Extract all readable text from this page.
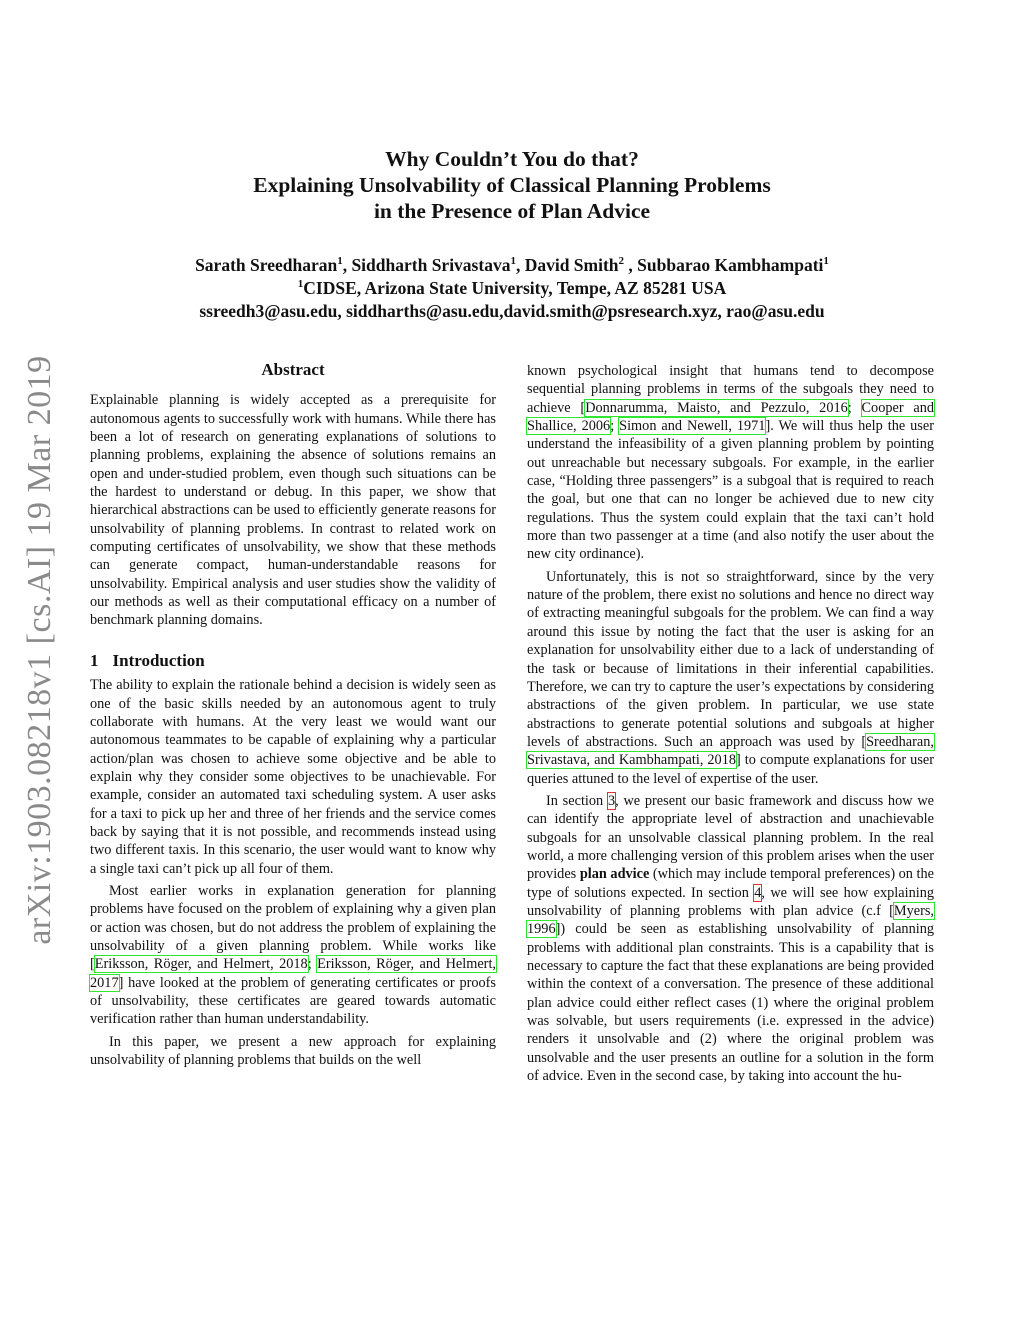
arXiv:1903.08218v1 [cs.AI] 19 Mar 2019
Why Couldn’t You do that?
Explaining Unsolvability of Classical Planning Problems
in the Presence of Plan Advice
Sarath Sreedharan$^1$, Siddharth Srivastava$^1$, David Smith$^2$ , Subbarao Kambhampati$^1$
$^1$CIDSE, Arizona State University, Tempe, AZ 85281 USA
ssreedh3@asu.edu, siddharths@asu.edu,david.smith@psresearch.xyz, rao@asu.edu
Abstract

Explainable planning is widely accepted as a prerequisite for autonomous agents to successfully work with humans. While there has been a lot of research on generating explanations of solutions to planning problems, explaining the absence of solutions remains an open and under-studied problem, even though such situations can be the hardest to understand or debug. In this paper, we show that hierarchical abstractions can be used to efficiently generate reasons for unsolvability of planning problems. In contrast to related work on computing certificates of unsolvability, we show that these methods can generate compact, human-understandable reasons for unsolvability. Empirical analysis and user studies show the validity of our methods as well as their computational efficacy on a number of benchmark planning domains.

1 Introduction

The ability to explain the rationale behind a decision is widely seen as one of the basic skills needed by an autonomous agent to truly collaborate with humans. At the very least we would want our autonomous teammates to be capable of explaining why a particular action/plan was chosen to achieve some objective and be able to explain why they consider some objectives to be unachievable. For example, consider an automated taxi scheduling system. A user asks for a taxi to pick up her and three of her friends and the service comes back by saying that it is not possible, and recommends instead using two different taxis. In this scenario, the user would want to know why a single taxi can’t pick up all four of them.

Most earlier works in explanation generation for planning problems have focused on the problem of explaining why a given plan or action was chosen, but do not address the problem of explaining the unsolvability of a given planning problem. While works like [Eriksson, Röger, and Helmert, 2018; Eriksson, Röger, and Helmert, 2017] have looked at the problem of generating certificates or proofs of unsolvability, these certificates are geared towards automatic verification rather than human understandability.

In this paper, we present a new approach for explaining unsolvability of planning problems that builds on the well

known psychological insight that humans tend to decompose sequential planning problems in terms of the subgoals they need to achieve [Donnarumma, Maisto, and Pezzulo, 2016; Cooper and Shallice, 2006; Simon and Newell, 1971]. We will thus help the user understand the infeasibility of a given planning problem by pointing out unreachable but necessary subgoals. For example, in the earlier case, “Holding three passengers” is a subgoal that is required to reach the goal, but one that can no longer be achieved due to new city regulations. Thus the system could explain that the taxi can’t hold more than two passenger at a time (and also notify the user about the new city ordinance).

Unfortunately, this is not so straightforward, since by the very nature of the problem, there exist no solutions and hence no direct way of extracting meaningful subgoals for the problem. We can find a way around this issue by noting the fact that the user is asking for an explanation for unsolvability either due to a lack of understanding of the task or because of limitations in their inferential capabilities. Therefore, we can try to capture the user’s expectations by considering abstractions of the given problem. In particular, we use state abstractions to generate potential solutions and subgoals at higher levels of abstractions. Such an approach was used by [Sreedharan, Srivastava, and Kambhampati, 2018] to compute explanations for user queries attuned to the level of expertise of the user.

In section 3, we present our basic framework and discuss how we can identify the appropriate level of abstraction and unachievable subgoals for an unsolvable classical planning problem. In the real world, a more challenging version of this problem arises when the user provides plan advice (which may include temporal preferences) on the type of solutions expected. In section 4, we will see how explaining unsolvability of planning problems with plan advice (c.f [Myers, 1996]) could be seen as establishing unsolvability of planning problems with additional plan constraints. This is a capability that is necessary to capture the fact that these explanations are being provided within the context of a conversation. The presence of these additional plan advice could either reflect cases (1) where the original problem was solvable, but users requirements (i.e. expressed in the advice) renders it unsolvable and (2) where the original problem was unsolvable and the user presents an outline for a solution in the form of advice. Even in the second case, by taking into account the hu-
